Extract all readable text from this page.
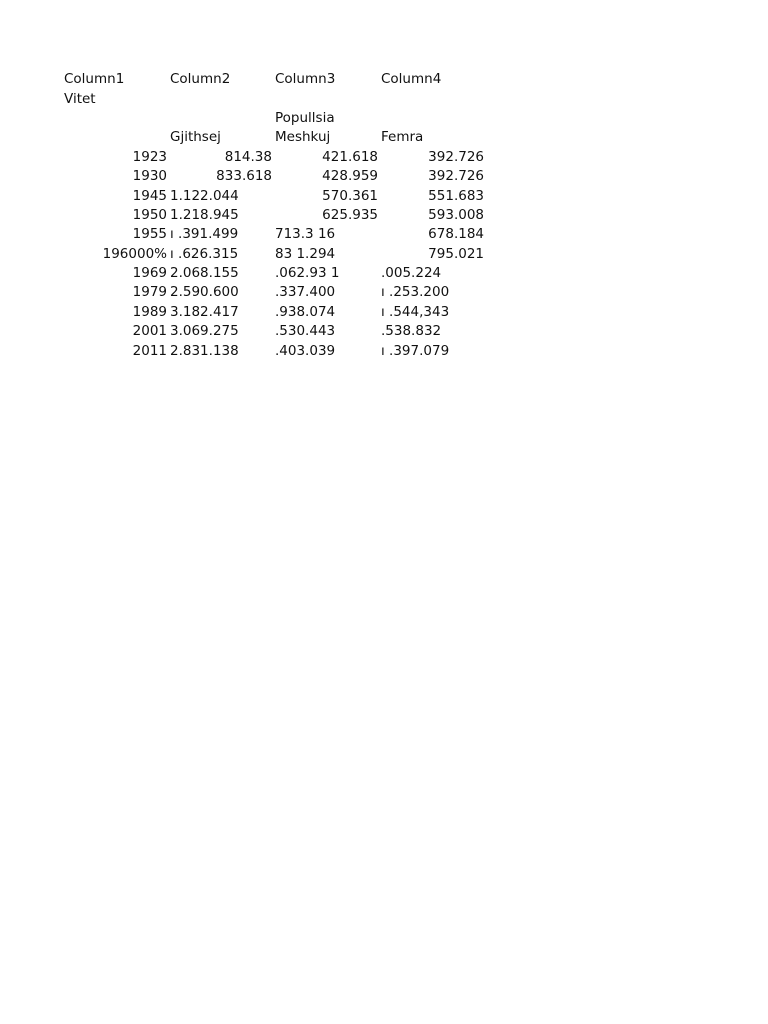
Column1	Column2	Column3	Column4
Vitet
Popullsia
Gjithsej	Meshkuj	Femra
1923	814.38	421.618	392.726
1930	833.618	428.959	392.726
1945 1.122.044	570.361	551.683
1950 1.218.945	625.935	593.008
1955 ı .391.499	713.3 16	678.184
196000% ı .626.315	83 1.294	795.021
1969 2.068.155	.062.93 1	.005.224
1979 2.590.600	.337.400	ı .253.200
1989 3.182.417	.938.074	ı .544,343
2001 3.069.275	.530.443	.538.832
2011 2.831.138	.403.039	ı .397.079
